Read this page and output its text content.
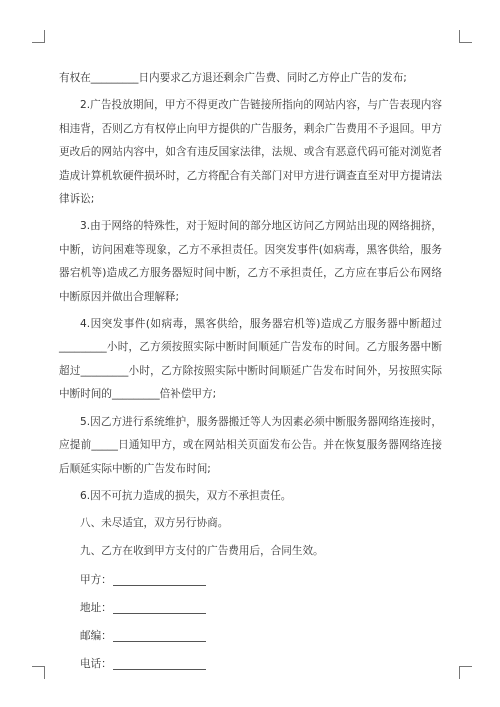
有权在_________日内要求乙方退还剩余广告费、同时乙方停止广告的发布;

2.广告投放期间，甲方不得更改广告链接所指向的网站内容，与广告表现内容相违背，否则乙方有权停止向甲方提供的广告服务，剩余广告费用不予退回。甲方更改后的网站内容中，如含有违反国家法律，法规、或含有恶意代码可能对浏览者造成计算机软硬件损坏时，乙方将配合有关部门对甲方进行调查直至对甲方提请法律诉讼;

3.由于网络的特殊性，对于短时间的部分地区访问乙方网站出现的网络拥挤，中断，访问困难等现象，乙方不承担责任。因突发事件(如病毒，黑客供给，服务器宕机等)造成乙方服务器短时间中断，乙方不承担责任，乙方应在事后公布网络中断原因并做出合理解释;

4.因突发事件(如病毒，黑客供给，服务器宕机等)造成乙方服务器中断超过_________小时，乙方须按照实际中断时间顺延广告发布的时间。乙方服务器中断超过_________小时，乙方除按照实际中断时间顺延广告发布时间外，另按照实际中断时间的_________倍补偿甲方;

5.因乙方进行系统维护，服务器搬迁等人为因素必须中断服务器网络连接时，应提前_____日通知甲方，或在网站相关页面发布公告。并在恢复服务器网络连接后顺延实际中断的广告发布时间;

6.因不可抗力造成的损失，双方不承担责任。

八、未尽适宜，双方另行协商。

九、乙方在收到甲方支付的广告费用后，合同生效。

甲方：
地址：
邮编：
电话：
